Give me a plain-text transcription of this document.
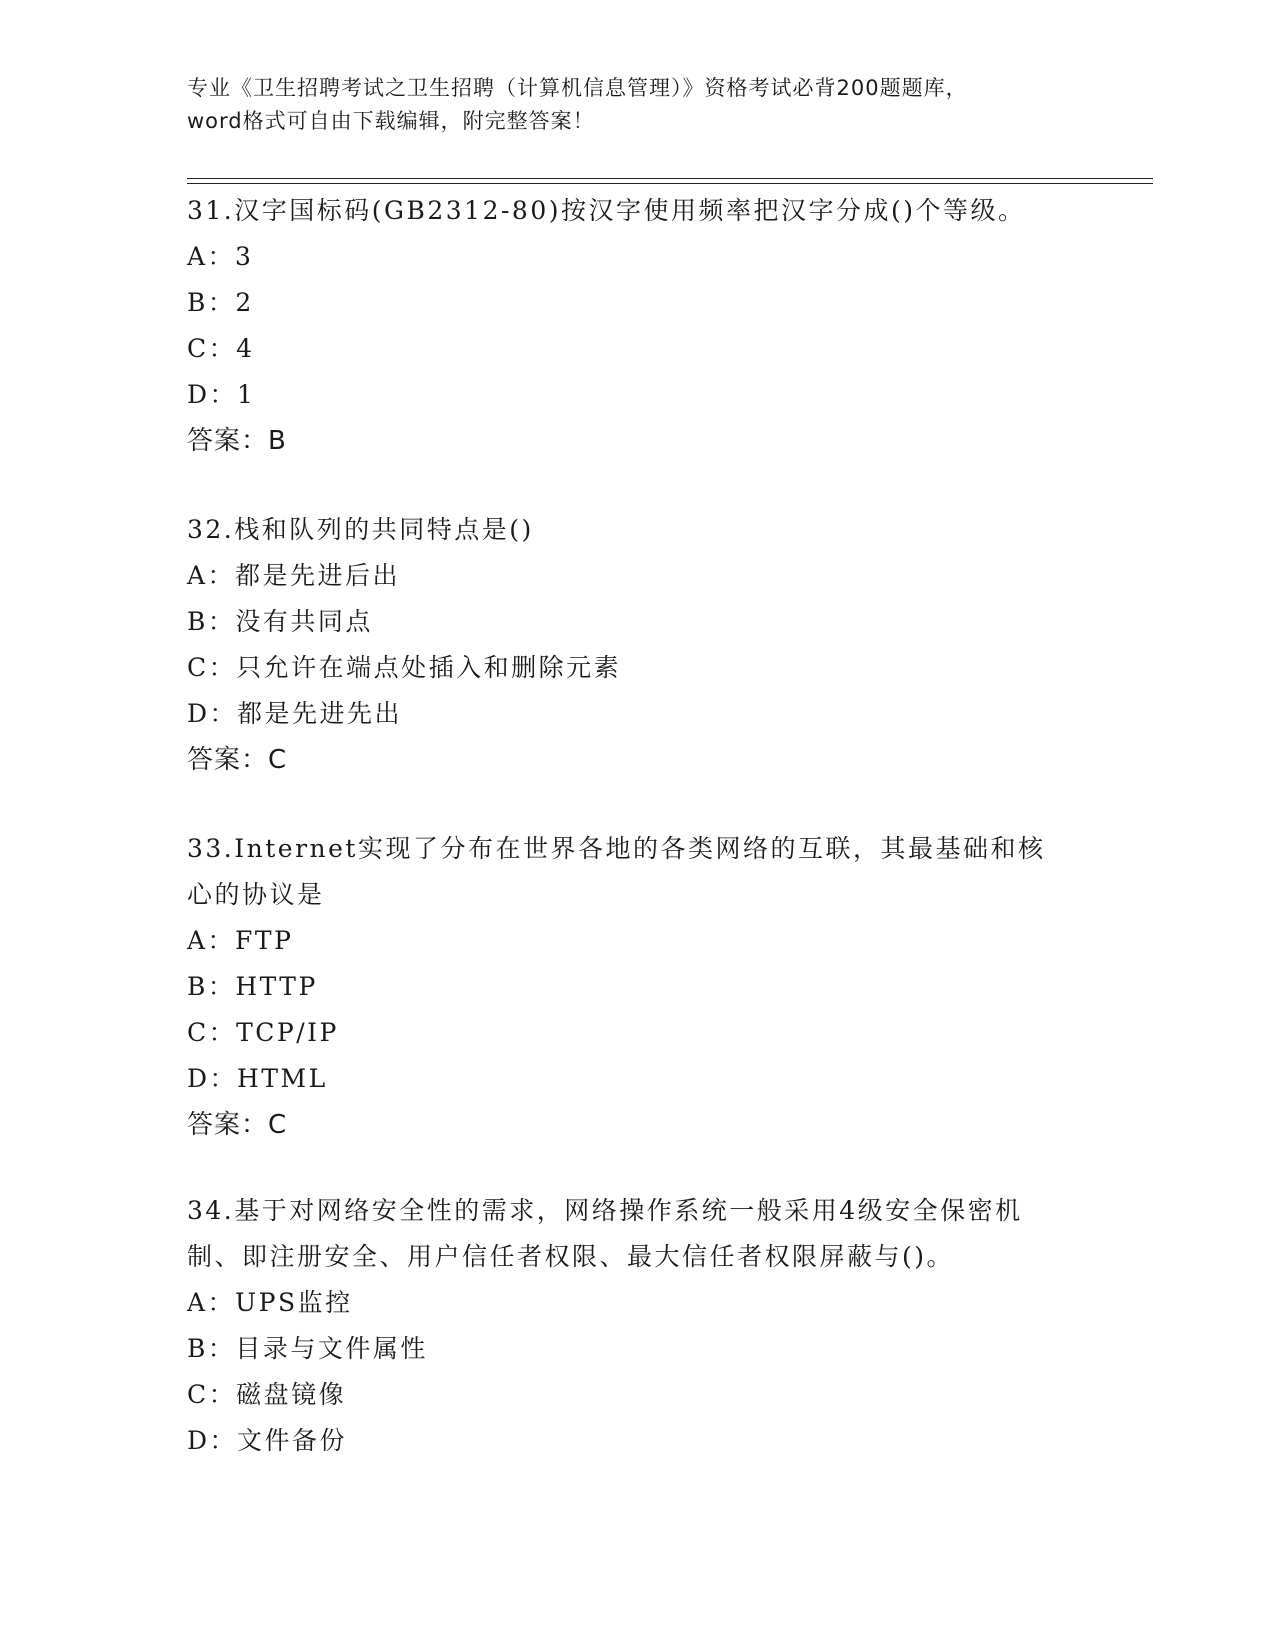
专业《卫生招聘考试之卫生招聘（计算机信息管理）》资格考试必背200题题库，
word格式可自由下载编辑，附完整答案！

31.汉字国标码(GB2312-80)按汉字使用频率把汉字分成()个等级。

A：3

B：2

C：4

D：1

答案：B

32.栈和队列的共同特点是()

A：都是先进后出

B：没有共同点

C：只允许在端点处插入和删除元素

D：都是先进先出

答案：C

33.Internet实现了分布在世界各地的各类网络的互联，其最基础和核

心的协议是

A：FTP

B：HTTP

C：TCP/IP

D：HTML

答案：C

34.基于对网络安全性的需求，网络操作系统一般采用4级安全保密机

制、即注册安全、用户信任者权限、最大信任者权限屏蔽与()。

A：UPS监控

B：目录与文件属性

C：磁盘镜像

D：文件备份
